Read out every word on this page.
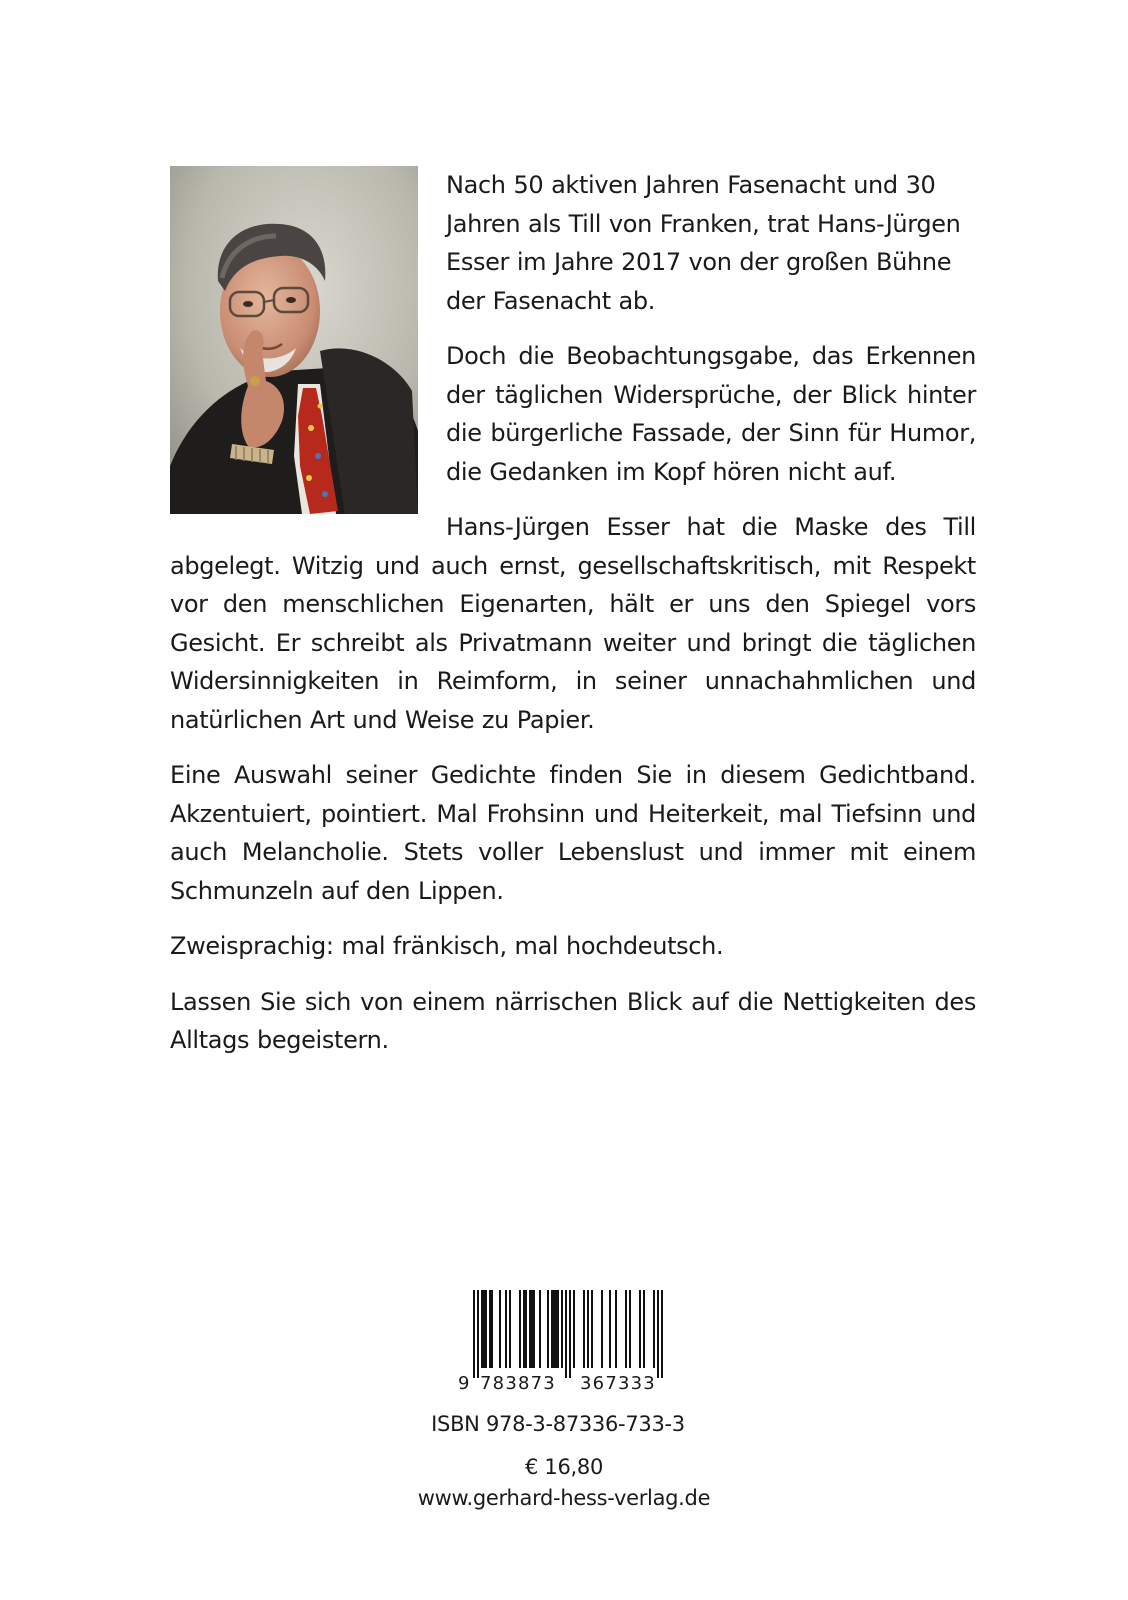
Nach 50 aktiven Jahren Fasenacht und 30 Jahren als Till von Franken, trat Hans-Jürgen Esser im Jahre 2017 von der großen Bühne der Fasenacht ab.

Doch die Beobachtungsgabe, das Erkennen der täglichen Widersprüche, der Blick hinter die bürgerliche Fassade, der Sinn für Humor, die Gedanken im Kopf hören nicht auf.

Hans-Jürgen Esser hat die Maske des Till abgelegt. Witzig und auch ernst, gesellschaftskritisch, mit Respekt vor den menschlichen Eigenarten, hält er uns den Spiegel vors Gesicht. Er schreibt als Privatmann weiter und bringt die täglichen Widersinnigkeiten in Reimform, in seiner unnachahmlichen und natürlichen Art und Weise zu Papier.

Eine Auswahl seiner Gedichte finden Sie in diesem Gedichtband. Akzentuiert, pointiert. Mal Frohsinn und Heiterkeit, mal Tiefsinn und auch Melancholie. Stets voller Lebenslust und immer mit einem Schmunzeln auf den Lippen.

Zweisprachig: mal fränkisch, mal hochdeutsch.

Lassen Sie sich von einem närrischen Blick auf die Nettigkeiten des Alltags begeistern.

9 783873 367333
ISBN 978-3-87336-733-3
€ 16,80
www.gerhard-hess-verlag.de
